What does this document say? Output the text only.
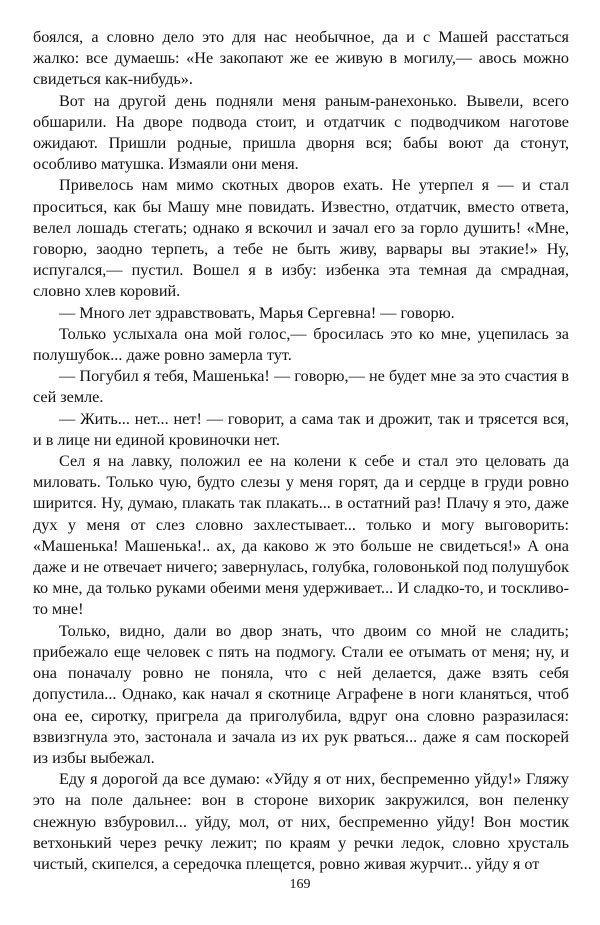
боялся, а словно дело это для нас необычное, да и с Машей расстаться жалко: все думаешь: «Не закопают же ее живую в могилу,— авось можно свидеться как-нибудь».

Вот на другой день подняли меня раным-ранехонько. Вывели, всего обшарили. На дворе подвода стоит, и отдатчик с подводчиком наготове ожидают. Пришли родные, пришла дворня вся; бабы воют да стонут, особливо матушка. Измаяли они меня.

Привелось нам мимо скотных дворов ехать. Не утерпел я — и стал проситься, как бы Машу мне повидать. Известно, отдатчик, вместо ответа, велел лошадь стегать; однако я вскочил и зачал его за горло душить! «Мне, говорю, заодно терпеть, а тебе не быть живу, варвары вы этакие!» Ну, испугался,— пустил. Вошел я в избу: избенка эта темная да смрадная, словно хлев коровий.

— Много лет здравствовать, Марья Сергевна! — говорю.

Только услыхала она мой голос,— бросилась это ко мне, уцепилась за полушубок... даже ровно замерла тут.

— Погубил я тебя, Машенька! — говорю,— не будет мне за это счастия в сей земле.

— Жить... нет... нет! — говорит, а сама так и дрожит, так и трясется вся, и в лице ни единой кровиночки нет.

Сел я на лавку, положил ее на колени к себе и стал это целовать да миловать. Только чую, будто слезы у меня горят, да и сердце в груди ровно ширится. Ну, думаю, плакать так плакать... в остатний раз! Плачу я это, даже дух у меня от слез словно захлестывает... только и могу выговорить: «Машенька! Машенька!.. ах, да каково ж это больше не свидеться!» А она даже и не отвечает ничего; завернулась, голубка, головонькой под полушубок ко мне, да только руками обеими меня удерживает... И сладко-то, и тоскливо-то мне!

Только, видно, дали во двор знать, что двоим со мной не сладить; прибежало еще человек с пять на подмогу. Стали ее отымать от меня; ну, и она поначалу ровно не поняла, что с ней делается, даже взять себя допустила... Однако, как начал я скотнице Аграфене в ноги кланяться, чтоб она ее, сиротку, пригрела да приголубила, вдруг она словно разразилася: взвизгнула это, застонала и зачала из их рук рваться... даже я сам поскорей из избы выбежал.

Еду я дорогой да все думаю: «Уйду я от них, беспременно уйду!» Гляжу это на поле дальнее: вон в стороне вихорик закружился, вон пеленку снежную взбуровил... уйду, мол, от них, беспременно уйду! Вон мостик ветхонький через речку лежит; по краям у речки ледок, словно хрусталь чистый, скипелся, а середочка плещется, ровно живая журчит... уйду я от

169
